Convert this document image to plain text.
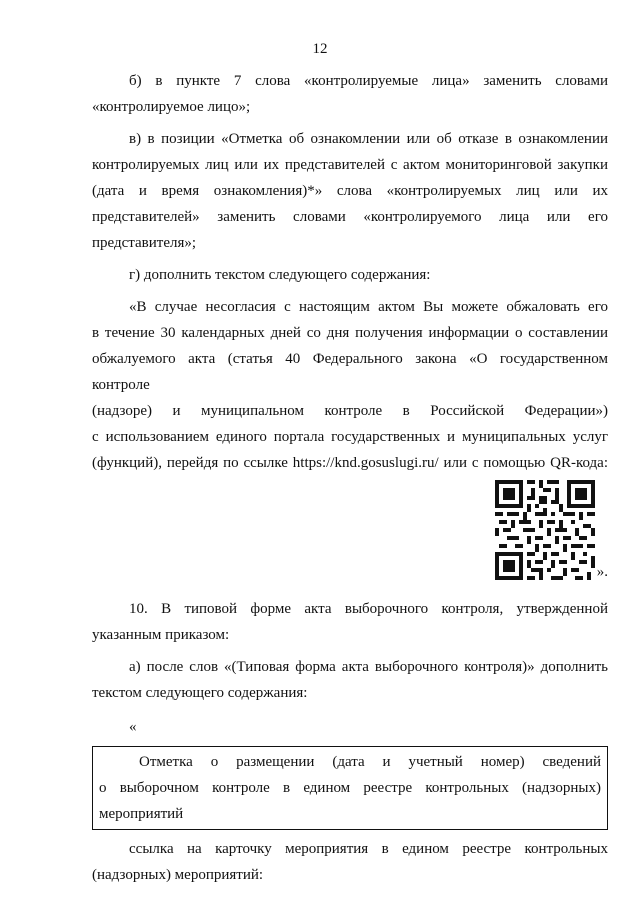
12

б) в пункте 7 слова «контролируемые лица» заменить словами

«контролируемое лицо»;

в) в позиции «Отметка об ознакомлении или об отказе в ознакомлении

контролируемых лиц или их представителей с актом мониторинговой закупки

(дата и время ознакомления)*» слова «контролируемых лиц или их

представителей» заменить словами «контролируемого лица или его

представителя»;

г) дополнить текстом следующего содержания:

«В случае несогласия с настоящим актом Вы можете обжаловать его

в течение 30 календарных дней со дня получения информации о составлении

обжалуемого акта (статья 40 Федерального закона «О государственном контроле

(надзоре) и муниципальном контроле в Российской Федерации»)

с использованием единого портала государственных и муниципальных услуг

(функций), перейдя по ссылке https://knd.gosuslugi.ru/ или с помощью QR-кода:

».

10. В типовой форме акта выборочного контроля, утвержденной

указанным приказом:

а) после слов «(Типовая форма акта выборочного контроля)» дополнить

текстом следующего содержания:

«

Отметка о размещении (дата и учетный номер) сведений

о выборочном контроле в едином реестре контрольных (надзорных)

мероприятий

ссылка на карточку мероприятия в едином реестре контрольных

(надзорных) мероприятий:
